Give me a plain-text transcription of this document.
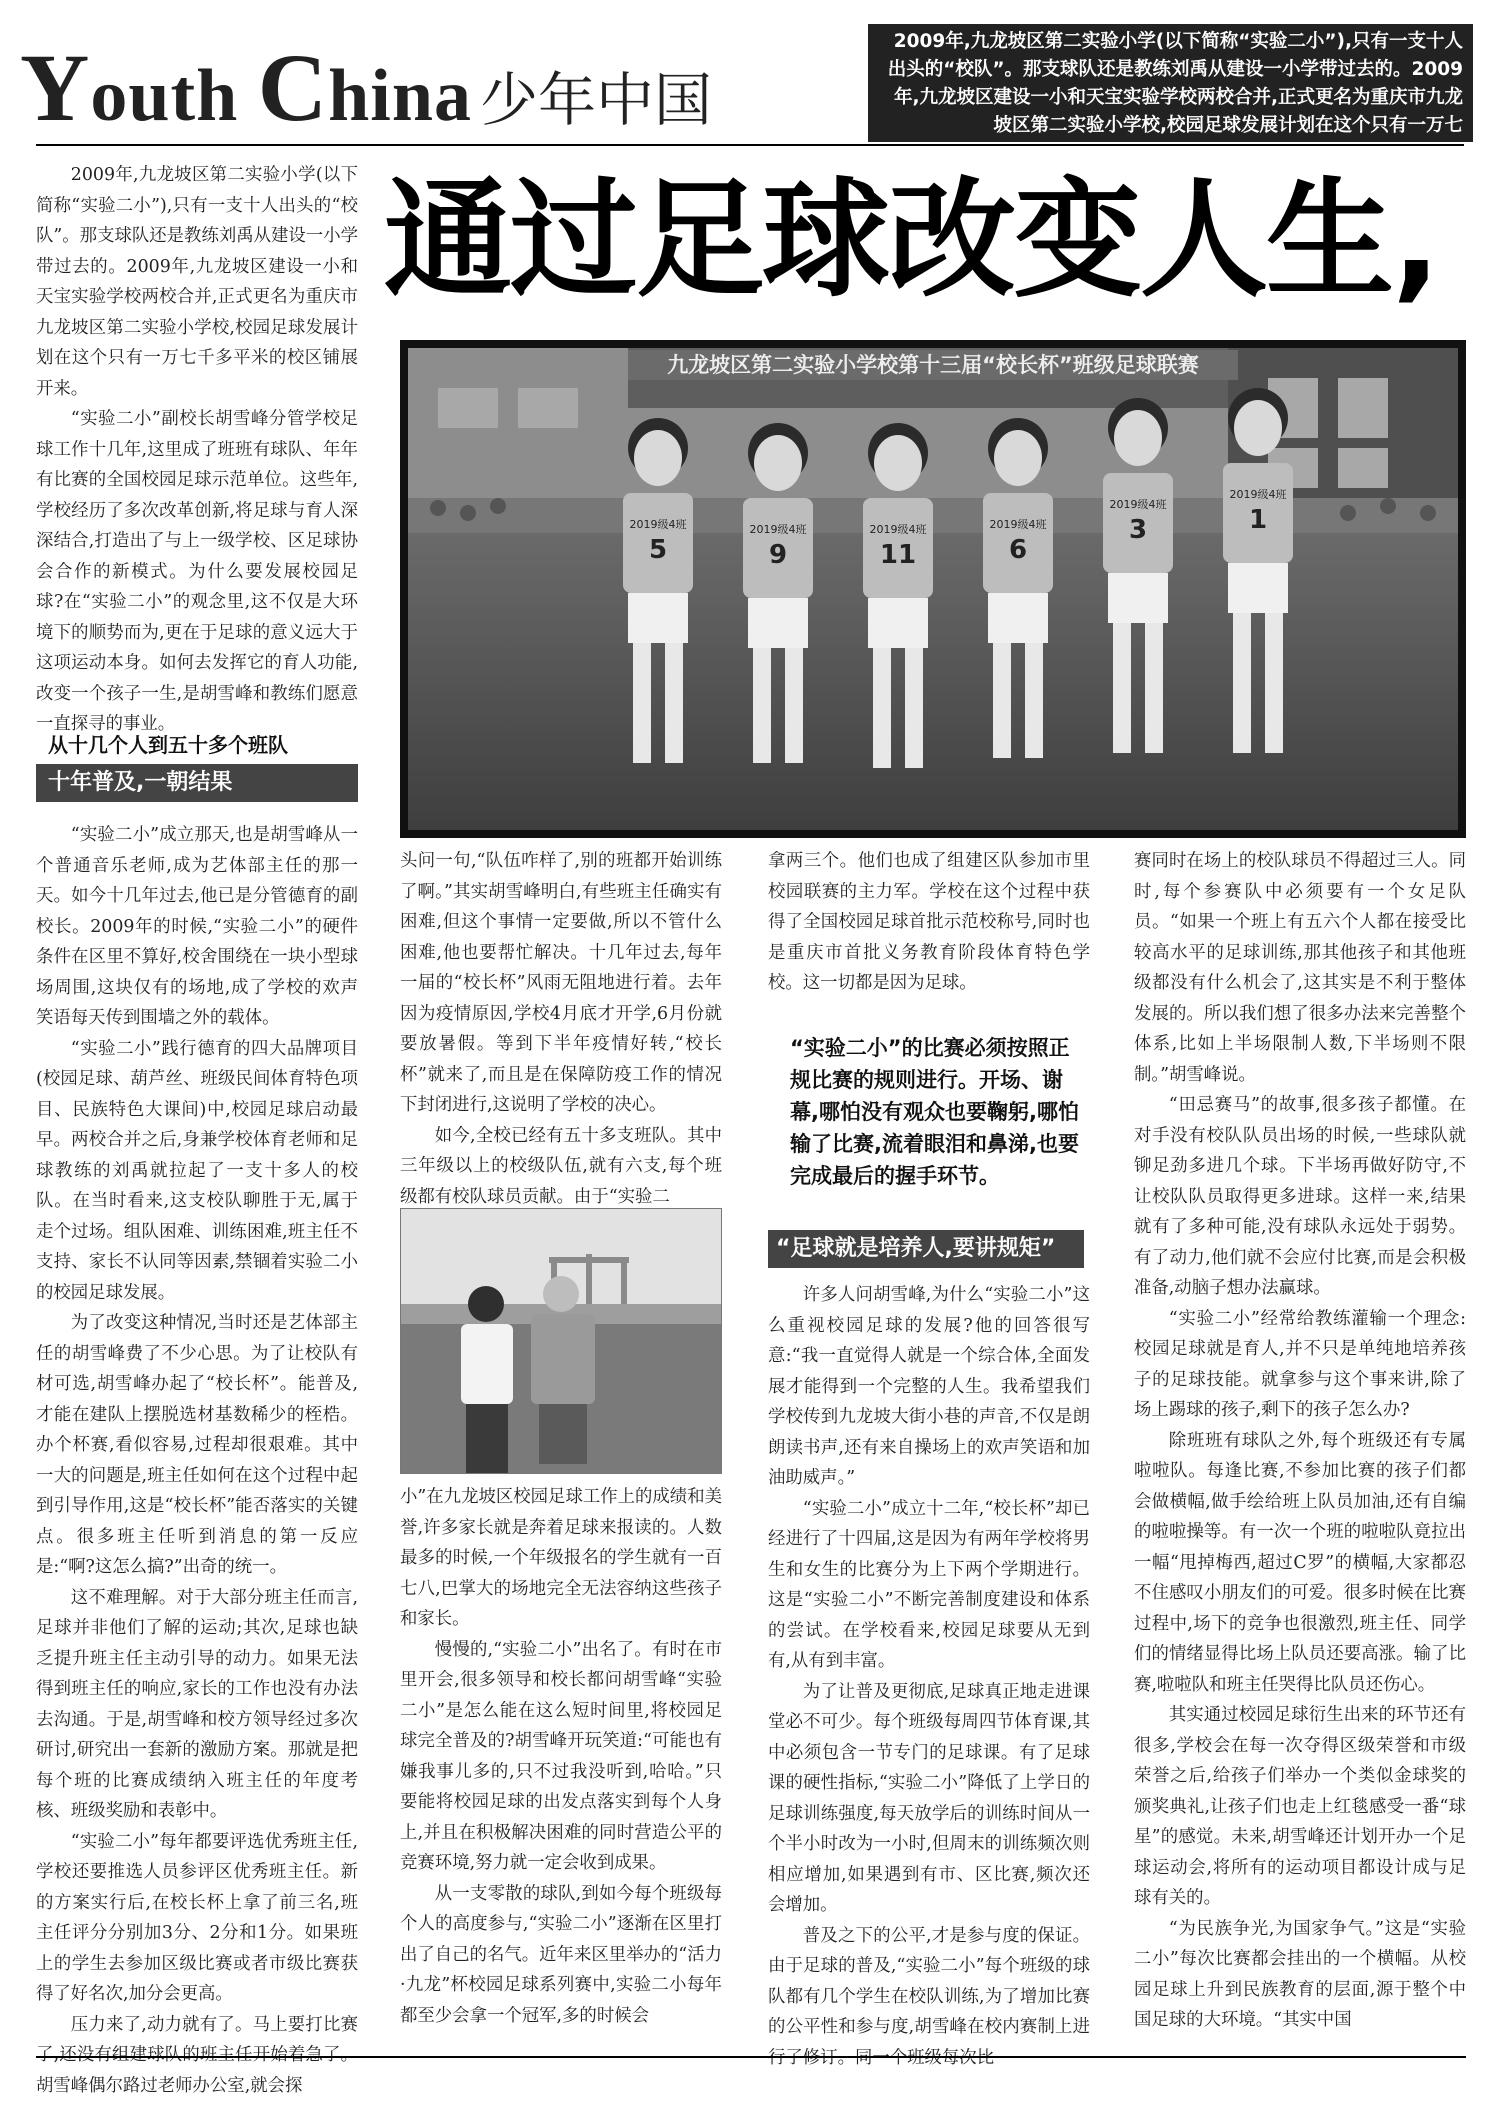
Youth China 少年中国
2009年,九龙坡区第二实验小学(以下简称“实验二小”),只有一支十人出头的“校队”。那支球队还是教练刘禹从建设一小学带过去的。2009年,九龙坡区建设一小和天宝实验学校两校合并,正式更名为重庆市九龙坡区第二实验小学校,校园足球发展计划在这个只有一万七
通过足球改变人生,

2009年,九龙坡区第二实验小学(以下简称“实验二小”),只有一支十人出头的“校队”。那支球队还是教练刘禹从建设一小学带过去的。2009年,九龙坡区建设一小和天宝实验学校两校合并,正式更名为重庆市九龙坡区第二实验小学校,校园足球发展计划在这个只有一万七千多平米的校区铺展开来。

“实验二小”副校长胡雪峰分管学校足球工作十几年,这里成了班班有球队、年年有比赛的全国校园足球示范单位。这些年,学校经历了多次改革创新,将足球与育人深深结合,打造出了与上一级学校、区足球协会合作的新模式。为什么要发展校园足球?在“实验二小”的观念里,这不仅是大环境下的顺势而为,更在于足球的意义远大于这项运动本身。如何去发挥它的育人功能,改变一个孩子一生,是胡雪峰和教练们愿意一直探寻的事业。

从十几个人到五十多个班队
十年普及,一朝结果

“实验二小”成立那天,也是胡雪峰从一个普通音乐老师,成为艺体部主任的那一天。如今十几年过去,他已是分管德育的副校长。2009年的时候,“实验二小”的硬件条件在区里不算好,校舍围绕在一块小型球场周围,这块仅有的场地,成了学校的欢声笑语每天传到围墙之外的载体。

“实验二小”践行德育的四大品牌项目(校园足球、葫芦丝、班级民间体育特色项目、民族特色大课间)中,校园足球启动最早。两校合并之后,身兼学校体育老师和足球教练的刘禹就拉起了一支十多人的校队。在当时看来,这支校队聊胜于无,属于走个过场。组队困难、训练困难,班主任不支持、家长不认同等因素,禁锢着实验二小的校园足球发展。

为了改变这种情况,当时还是艺体部主任的胡雪峰费了不少心思。为了让校队有材可选,胡雪峰办起了“校长杯”。能普及,才能在建队上摆脱选材基数稀少的桎梏。办个杯赛,看似容易,过程却很艰难。其中一大的问题是,班主任如何在这个过程中起到引导作用,这是“校长杯”能否落实的关键点。很多班主任听到消息的第一反应是:“啊?这怎么搞?”出奇的统一。

这不难理解。对于大部分班主任而言,足球并非他们了解的运动;其次,足球也缺乏提升班主任主动引导的动力。如果无法得到班主任的响应,家长的工作也没有办法去沟通。于是,胡雪峰和校方领导经过多次研讨,研究出一套新的激励方案。那就是把每个班的比赛成绩纳入班主任的年度考核、班级奖励和表彰中。

“实验二小”每年都要评选优秀班主任,学校还要推选人员参评区优秀班主任。新的方案实行后,在校长杯上拿了前三名,班主任评分分别加3分、2分和1分。如果班上的学生去参加区级比赛或者市级比赛获得了好名次,加分会更高。

压力来了,动力就有了。马上要打比赛了,还没有组建球队的班主任开始着急了。胡雪峰偶尔路过老师办公室,就会探

九龙坡区第二实验小学校第十三届“校长杯”班级足球联赛
2019级4班
5
2019级4班
9
2019级4班
11
2019级4班
6
2019级4班
3
2019级4班
1

头问一句,“队伍咋样了,别的班都开始训练了啊。”其实胡雪峰明白,有些班主任确实有困难,但这个事情一定要做,所以不管什么困难,他也要帮忙解决。十几年过去,每年一届的“校长杯”风雨无阻地进行着。去年因为疫情原因,学校4月底才开学,6月份就要放暑假。等到下半年疫情好转,“校长杯”就来了,而且是在保障防疫工作的情况下封闭进行,这说明了学校的决心。

如今,全校已经有五十多支班队。其中三年级以上的校级队伍,就有六支,每个班级都有校队球员贡献。由于“实验二

小”在九龙坡区校园足球工作上的成绩和美誉,许多家长就是奔着足球来报读的。人数最多的时候,一个年级报名的学生就有一百七八,巴掌大的场地完全无法容纳这些孩子和家长。

慢慢的,“实验二小”出名了。有时在市里开会,很多领导和校长都问胡雪峰“实验二小”是怎么能在这么短时间里,将校园足球完全普及的?胡雪峰开玩笑道:“可能也有嫌我事儿多的,只不过我没听到,哈哈。”只要能将校园足球的出发点落实到每个人身上,并且在积极解决困难的同时营造公平的竞赛环境,努力就一定会收到成果。

从一支零散的球队,到如今每个班级每个人的高度参与,“实验二小”逐渐在区里打出了自己的名气。近年来区里举办的“活力·九龙”杯校园足球系列赛中,实验二小每年都至少会拿一个冠军,多的时候会

拿两三个。他们也成了组建区队参加市里校园联赛的主力军。学校在这个过程中获得了全国校园足球首批示范校称号,同时也是重庆市首批义务教育阶段体育特色学校。这一切都是因为足球。

“实验二小”的比赛必须按照正规比赛的规则进行。开场、谢幕,哪怕没有观众也要鞠躬,哪怕输了比赛,流着眼泪和鼻涕,也要完成最后的握手环节。
“足球就是培养人,要讲规矩”

许多人问胡雪峰,为什么“实验二小”这么重视校园足球的发展?他的回答很写意:“我一直觉得人就是一个综合体,全面发展才能得到一个完整的人生。我希望我们学校传到九龙坡大街小巷的声音,不仅是朗朗读书声,还有来自操场上的欢声笑语和加油助威声。”

“实验二小”成立十二年,“校长杯”却已经进行了十四届,这是因为有两年学校将男生和女生的比赛分为上下两个学期进行。这是“实验二小”不断完善制度建设和体系的尝试。在学校看来,校园足球要从无到有,从有到丰富。

为了让普及更彻底,足球真正地走进课堂必不可少。每个班级每周四节体育课,其中必须包含一节专门的足球课。有了足球课的硬性指标,“实验二小”降低了上学日的足球训练强度,每天放学后的训练时间从一个半小时改为一小时,但周末的训练频次则相应增加,如果遇到有市、区比赛,频次还会增加。

普及之下的公平,才是参与度的保证。由于足球的普及,“实验二小”每个班级的球队都有几个学生在校队训练,为了增加比赛的公平性和参与度,胡雪峰在校内赛制上进行了修订。同一个班级每次比

赛同时在场上的校队球员不得超过三人。同时,每个参赛队中必须要有一个女足队员。“如果一个班上有五六个人都在接受比较高水平的足球训练,那其他孩子和其他班级都没有什么机会了,这其实是不利于整体发展的。所以我们想了很多办法来完善整个体系,比如上半场限制人数,下半场则不限制。”胡雪峰说。

“田忌赛马”的故事,很多孩子都懂。在对手没有校队队员出场的时候,一些球队就铆足劲多进几个球。下半场再做好防守,不让校队队员取得更多进球。这样一来,结果就有了多种可能,没有球队永远处于弱势。有了动力,他们就不会应付比赛,而是会积极准备,动脑子想办法赢球。

“实验二小”经常给教练灌输一个理念:校园足球就是育人,并不只是单纯地培养孩子的足球技能。就拿参与这个事来讲,除了场上踢球的孩子,剩下的孩子怎么办?

除班班有球队之外,每个班级还有专属啦啦队。每逢比赛,不参加比赛的孩子们都会做横幅,做手绘给班上队员加油,还有自编的啦啦操等。有一次一个班的啦啦队竟拉出一幅“甩掉梅西,超过C罗”的横幅,大家都忍不住感叹小朋友们的可爱。很多时候在比赛过程中,场下的竞争也很激烈,班主任、同学们的情绪显得比场上队员还要高涨。输了比赛,啦啦队和班主任哭得比队员还伤心。

其实通过校园足球衍生出来的环节还有很多,学校会在每一次夺得区级荣誉和市级荣誉之后,给孩子们举办一个类似金球奖的颁奖典礼,让孩子们也走上红毯感受一番“球星”的感觉。未来,胡雪峰还计划开办一个足球运动会,将所有的运动项目都设计成与足球有关的。

“为民族争光,为国家争气。”这是“实验二小”每次比赛都会挂出的一个横幅。从校园足球上升到民族教育的层面,源于整个中国足球的大环境。“其实中国
